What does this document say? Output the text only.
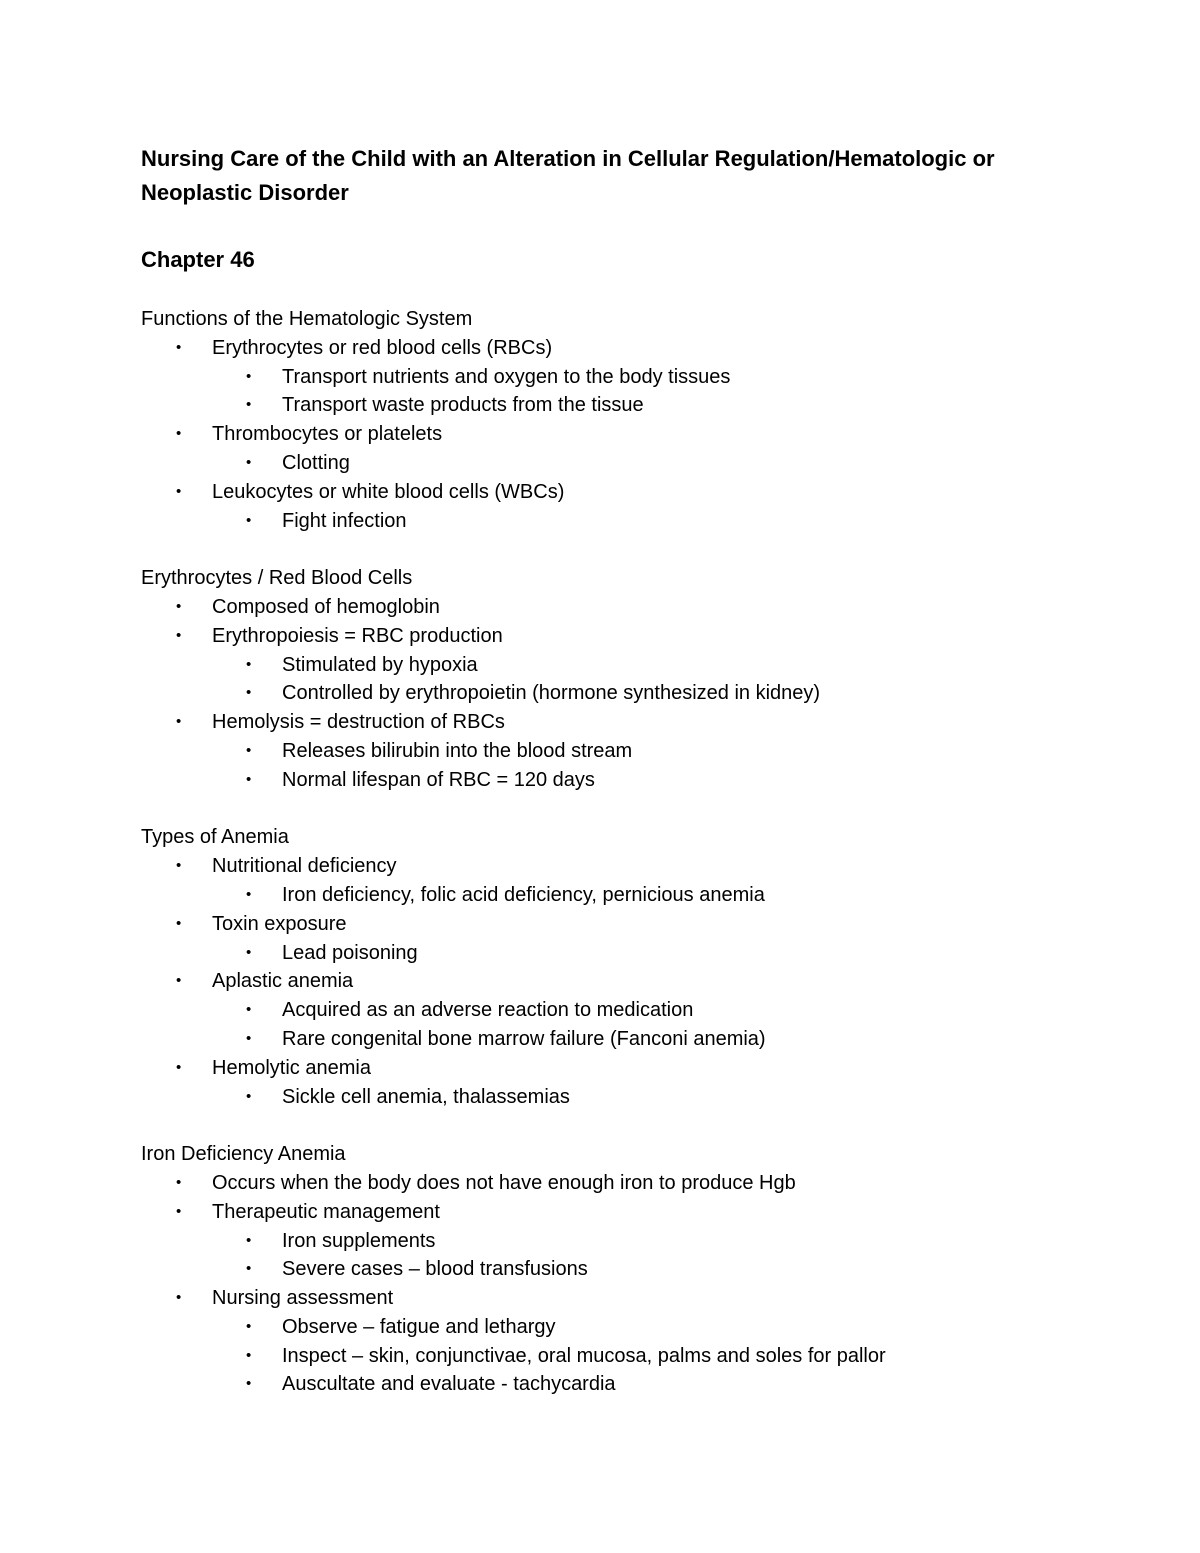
Nursing Care of the Child with an Alteration in Cellular Regulation/Hematologic or Neoplastic Disorder
Chapter 46
Functions of the Hematologic System
• Erythrocytes or red blood cells (RBCs)
• Transport nutrients and oxygen to the body tissues
• Transport waste products from the tissue
• Thrombocytes or platelets
• Clotting
• Leukocytes or white blood cells (WBCs)
• Fight infection
Erythrocytes / Red Blood Cells
• Composed of hemoglobin
• Erythropoiesis = RBC production
• Stimulated by hypoxia
• Controlled by erythropoietin (hormone synthesized in kidney)
• Hemolysis = destruction of RBCs
• Releases bilirubin into the blood stream
• Normal lifespan of RBC = 120 days
Types of Anemia
• Nutritional deficiency
• Iron deficiency, folic acid deficiency, pernicious anemia
• Toxin exposure
• Lead poisoning
• Aplastic anemia
• Acquired as an adverse reaction to medication
• Rare congenital bone marrow failure (Fanconi anemia)
• Hemolytic anemia
• Sickle cell anemia, thalassemias
Iron Deficiency Anemia
• Occurs when the body does not have enough iron to produce Hgb
• Therapeutic management
• Iron supplements
• Severe cases – blood transfusions
• Nursing assessment
• Observe – fatigue and lethargy
• Inspect – skin, conjunctivae, oral mucosa, palms and soles for pallor
• Auscultate and evaluate - tachycardia
